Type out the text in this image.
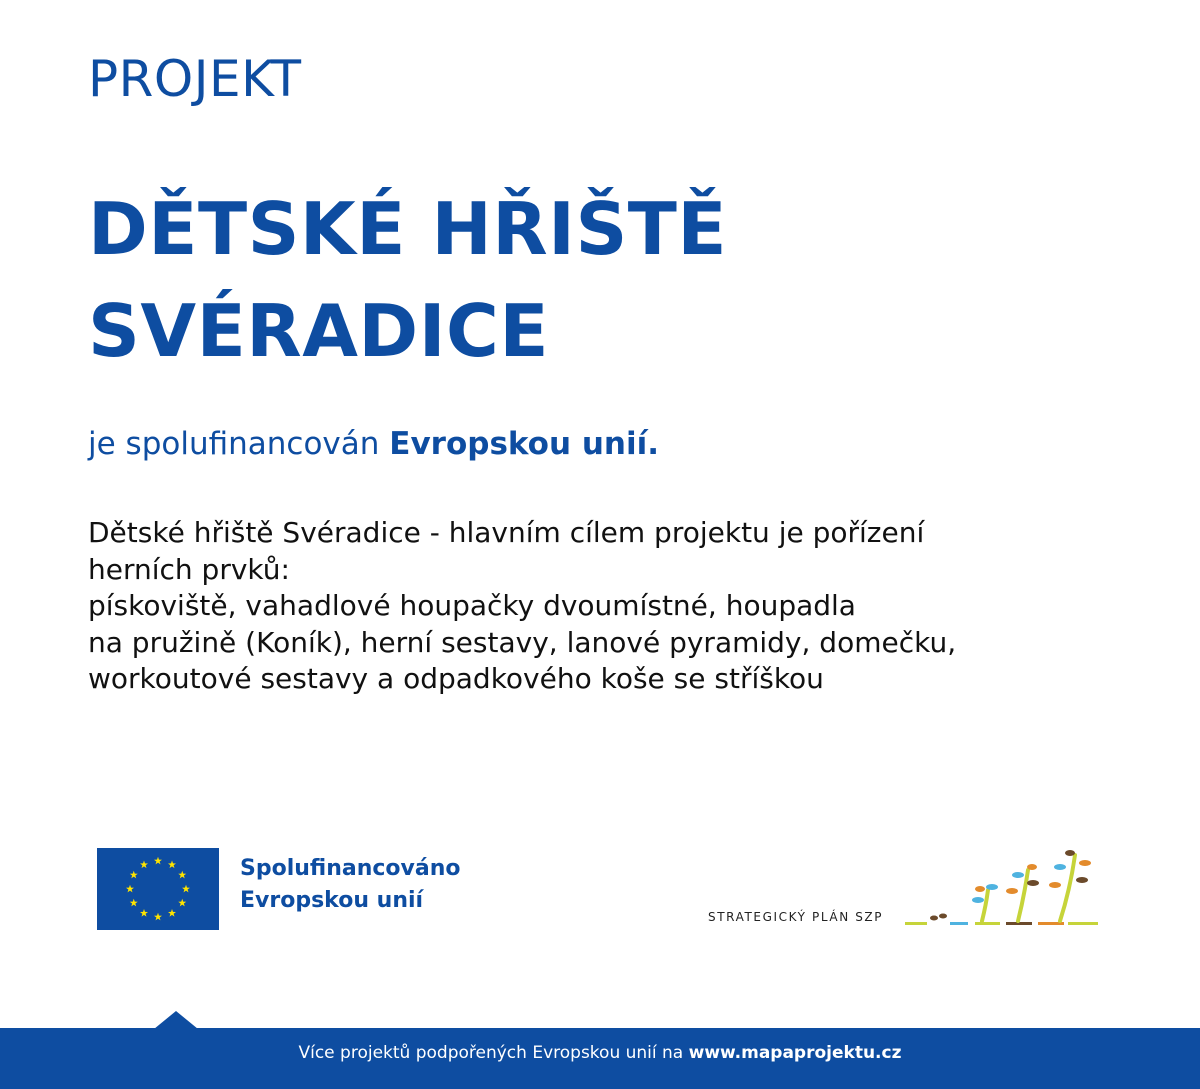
PROJEKT
DĚTSKÉ HŘIŠTĚ
SVÉRADICE

je spolufinancován Evropskou unií.

Dětské hřiště Svéradice - hlavním cílem projektu je pořízení
herních prvků:
pískoviště, vahadlové houpačky dvoumístné, houpadla
na pružině (Koník), herní sestavy, lanové pyramidy, domečku,
workoutové sestavy a odpadkového koše se stříškou

Spolufinancováno
Evropskou unií
STRATEGICKÝ PLÁN SZP
Více projektů podpořených Evropskou unií na www.mapaprojektu.cz
